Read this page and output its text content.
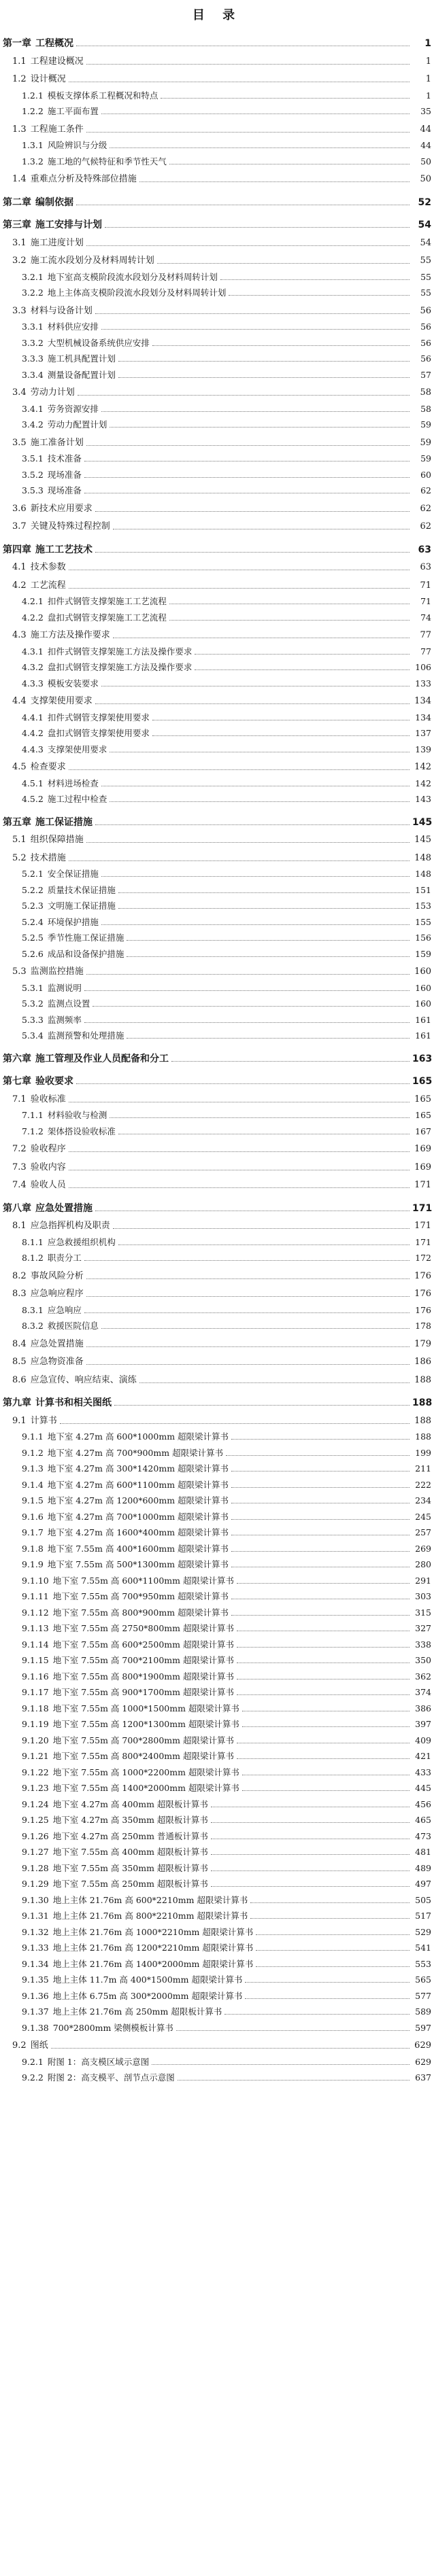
目 录
第一章 工程概况	1
1.1 工程建设概况	1
1.2 设计概况	1
1.2.1 模板支撑体系工程概况和特点	1
1.2.2 施工平面布置	35
1.3 工程施工条件	44
1.3.1 风险辨识与分级	44
1.3.2 施工地的气候特征和季节性天气	50
1.4 重难点分析及特殊部位措施	50
第二章 编制依据	52
第三章 施工安排与计划	54
3.1 施工进度计划	54
3.2 施工流水段划分及材料周转计划	55
3.2.1 地下室高支模阶段流水段划分及材料周转计划	55
3.2.2 地上主体高支模阶段流水段划分及材料周转计划	55
3.3 材料与设备计划	56
3.3.1 材料供应安排	56
3.3.2 大型机械设备系统供应安排	56
3.3.3 施工机具配置计划	56
3.3.4 测量设备配置计划	57
3.4 劳动力计划	58
3.4.1 劳务资源安排	58
3.4.2 劳动力配置计划	59
3.5 施工准备计划	59
3.5.1 技术准备	59
3.5.2 现场准备	60
3.5.3 现场准备	62
3.6 新技术应用要求	62
3.7 关键及特殊过程控制	62
第四章 施工工艺技术	63
4.1 技术参数	63
4.2 工艺流程	71
4.2.1 扣件式钢管支撑架施工工艺流程	71
4.2.2 盘扣式钢管支撑架施工工艺流程	74
4.3 施工方法及操作要求	77
4.3.1 扣件式钢管支撑架施工方法及操作要求	77
4.3.2 盘扣式钢管支撑架施工方法及操作要求	106
4.3.3 模板安装要求	133
4.4 支撑架使用要求	134
4.4.1 扣件式钢管支撑架使用要求	134
4.4.2 盘扣式钢管支撑架使用要求	137
4.4.3 支撑架使用要求	139
4.5 检查要求	142
4.5.1 材料进场检查	142
4.5.2 施工过程中检查	143
第五章 施工保证措施	145
5.1 组织保障措施	145
5.2 技术措施	148
5.2.1 安全保证措施	148
5.2.2 质量技术保证措施	151
5.2.3 文明施工保证措施	153
5.2.4 环境保护措施	155
5.2.5 季节性施工保证措施	156
5.2.6 成品和设备保护措施	159
5.3 监测监控措施	160
5.3.1 监测说明	160
5.3.2 监测点设置	160
5.3.3 监测频率	161
5.3.4 监测预警和处理措施	161
第六章 施工管理及作业人员配备和分工	163
第七章 验收要求	165
7.1 验收标准	165
7.1.1 材料验收与检测	165
7.1.2 架体搭设验收标准	167
7.2 验收程序	169
7.3 验收内容	169
7.4 验收人员	171
第八章 应急处置措施	171
8.1 应急指挥机构及职责	171
8.1.1 应急救援组织机构	171
8.1.2 职责分工	172
8.2 事故风险分析	176
8.3 应急响应程序	176
8.3.1 应急响应	176
8.3.2 救援医院信息	178
8.4 应急处置措施	179
8.5 应急物资准备	186
8.6 应急宣传、响应结束、演练	188
第九章 计算书和相关图纸	188
9.1 计算书	188
9.1.1 地下室 4.27m 高 600*1000mm 超限梁计算书	188
9.1.2 地下室 4.27m 高 700*900mm 超限梁计算书	199
9.1.3 地下室 4.27m 高 300*1420mm 超限梁计算书	211
9.1.4 地下室 4.27m 高 600*1100mm 超限梁计算书	222
9.1.5 地下室 4.27m 高 1200*600mm 超限梁计算书	234
9.1.6 地下室 4.27m 高 700*1000mm 超限梁计算书	245
9.1.7 地下室 4.27m 高 1600*400mm 超限梁计算书	257
9.1.8 地下室 7.55m 高 400*1600mm 超限梁计算书	269
9.1.9 地下室 7.55m 高 500*1300mm 超限梁计算书	280
9.1.10 地下室 7.55m 高 600*1100mm 超限梁计算书	291
9.1.11 地下室 7.55m 高 700*950mm 超限梁计算书	303
9.1.12 地下室 7.55m 高 800*900mm 超限梁计算书	315
9.1.13 地下室 7.55m 高 2750*800mm 超限梁计算书	327
9.1.14 地下室 7.55m 高 600*2500mm 超限梁计算书	338
9.1.15 地下室 7.55m 高 700*2100mm 超限梁计算书	350
9.1.16 地下室 7.55m 高 800*1900mm 超限梁计算书	362
9.1.17 地下室 7.55m 高 900*1700mm 超限梁计算书	374
9.1.18 地下室 7.55m 高 1000*1500mm 超限梁计算书	386
9.1.19 地下室 7.55m 高 1200*1300mm 超限梁计算书	397
9.1.20 地下室 7.55m 高 700*2800mm 超限梁计算书	409
9.1.21 地下室 7.55m 高 800*2400mm 超限梁计算书	421
9.1.22 地下室 7.55m 高 1000*2200mm 超限梁计算书	433
9.1.23 地下室 7.55m 高 1400*2000mm 超限梁计算书	445
9.1.24 地下室 4.27m 高 400mm 超限板计算书	456
9.1.25 地下室 4.27m 高 350mm 超限板计算书	465
9.1.26 地下室 4.27m 高 250mm 普通板计算书	473
9.1.27 地下室 7.55m 高 400mm 超限板计算书	481
9.1.28 地下室 7.55m 高 350mm 超限板计算书	489
9.1.29 地下室 7.55m 高 250mm 超限板计算书	497
9.1.30 地上主体 21.76m 高 600*2210mm 超限梁计算书	505
9.1.31 地上主体 21.76m 高 800*2210mm 超限梁计算书	517
9.1.32 地上主体 21.76m 高 1000*2210mm 超限梁计算书	529
9.1.33 地上主体 21.76m 高 1200*2210mm 超限梁计算书	541
9.1.34 地上主体 21.76m 高 1400*2000mm 超限梁计算书	553
9.1.35 地上主体 11.7m 高 400*1500mm 超限梁计算书	565
9.1.36 地上主体 6.75m 高 300*2000mm 超限梁计算书	577
9.1.37 地上主体 21.76m 高 250mm 超限板计算书	589
9.1.38 700*2800mm 梁侧模板计算书	597
9.2 图纸	629
9.2.1 附图 1：高支模区域示意图	629
9.2.2 附图 2：高支模平、剖节点示意图	637
